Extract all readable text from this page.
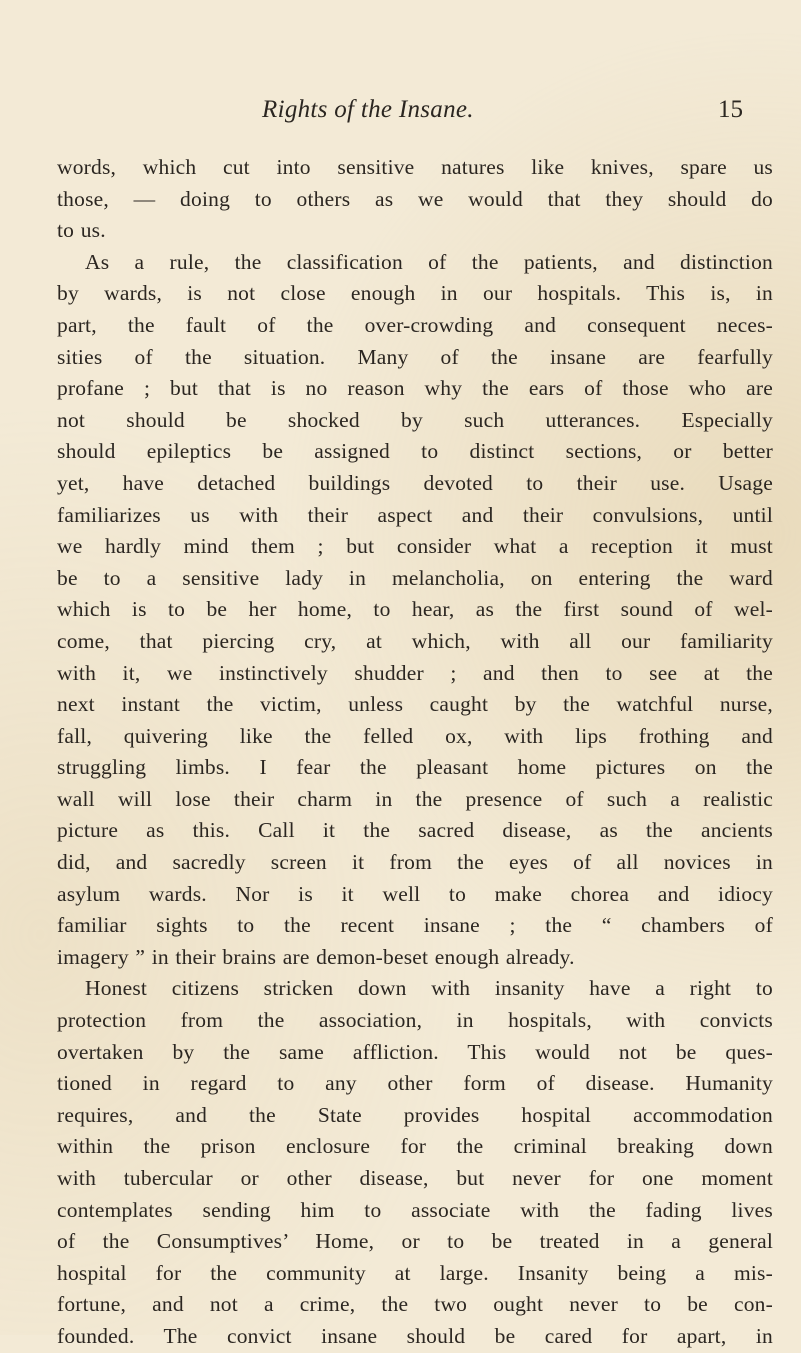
Rights of the Insane.	15
words, which cut into sensitive natures like knives, spare us
those, — doing to others as we would that they should do
to us.
As a rule, the classification of the patients, and distinction
by wards, is not close enough in our hospitals. This is, in
part, the fault of the over-crowding and consequent neces-
sities of the situation. Many of the insane are fearfully
profane ; but that is no reason why the ears of those who are
not should be shocked by such utterances. Especially
should epileptics be assigned to distinct sections, or better
yet, have detached buildings devoted to their use. Usage
familiarizes us with their aspect and their convulsions, until
we hardly mind them ; but consider what a reception it must
be to a sensitive lady in melancholia, on entering the ward
which is to be her home, to hear, as the first sound of wel-
come, that piercing cry, at which, with all our familiarity
with it, we instinctively shudder ; and then to see at the
next instant the victim, unless caught by the watchful nurse,
fall, quivering like the felled ox, with lips frothing and
struggling limbs. I fear the pleasant home pictures on the
wall will lose their charm in the presence of such a realistic
picture as this. Call it the sacred disease, as the ancients
did, and sacredly screen it from the eyes of all novices in
asylum wards. Nor is it well to make chorea and idiocy
familiar sights to the recent insane ; the “ chambers of
imagery ” in their brains are demon-beset enough already.
Honest citizens stricken down with insanity have a right to
protection from the association, in hospitals, with convicts
overtaken by the same affliction. This would not be ques-
tioned in regard to any other form of disease. Humanity
requires, and the State provides hospital accommodation
within the prison enclosure for the criminal breaking down
with tubercular or other disease, but never for one moment
contemplates sending him to associate with the fading lives
of the Consumptives’ Home, or to be treated in a general
hospital for the community at large. Insanity being a mis-
fortune, and not a crime, the two ought never to be con-
founded. The convict insane should be cared for apart, in
